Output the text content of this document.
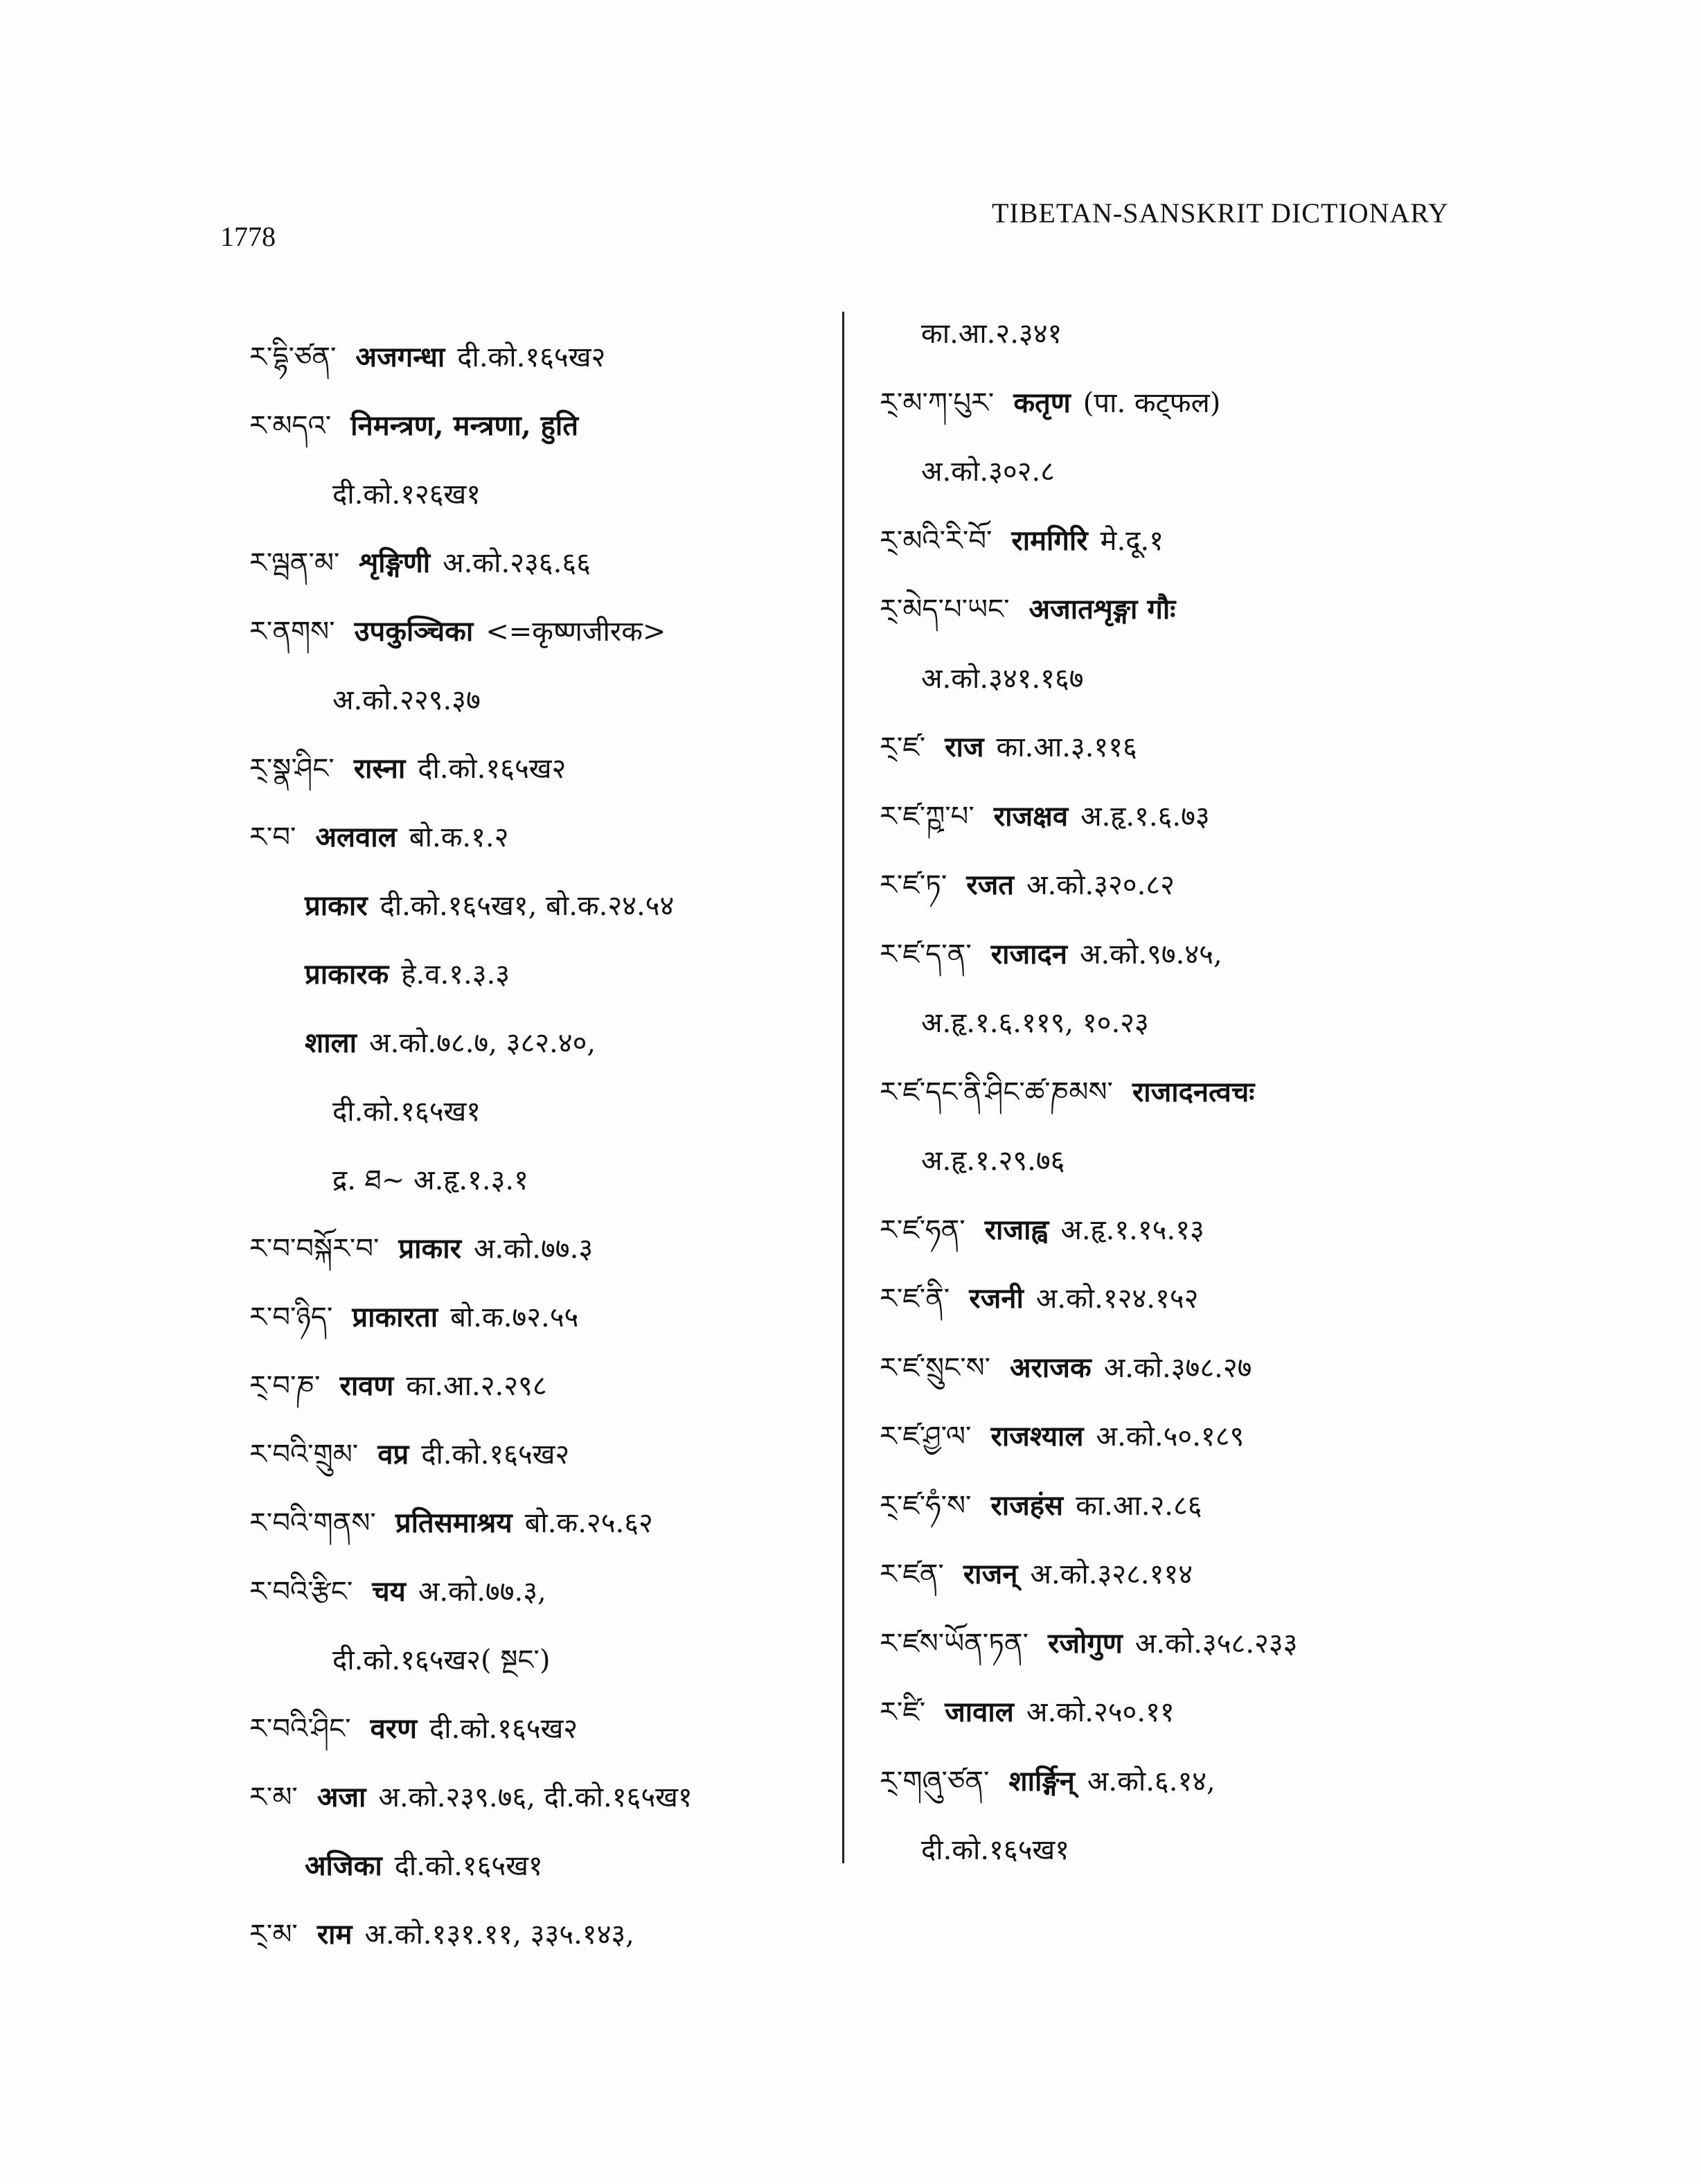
1778
TIBETAN-SANSKRIT DICTIONARY
ར་དྷི་ཙན་ अजगन्धा दी.को.१६५ख२
ར་མདའ་ निमन्त्रण, मन्त्रणा, हुति
दी.को.१२६ख१
ར་ལྦན་མ་ शृङ्गिणी अ.को.२३६.६६
ར་ནགས་ उपकुञ्चिका <=कृष्णजीरक>
अ.को.२२९.३७
ར྄་སྣ་ཤིང་ रास्ना दी.को.१६५ख२
ར་བ་ अलवाल बो.क.१.२
प्राकार दी.को.१६५ख१, बो.क.२४.५४
प्राकारक हे.व.१.३.३
शाला अ.को.७८.७, ३८२.४०,
दी.को.१६५ख१
द्र. ཐ~ अ.हृ.१.३.१
ར་བ་བསྐོར་བ་ प्राकार अ.को.७७.३
ར་བ་ཉིད་ प्राकारता बो.क.७२.५५
ར྄་བ་ཎ་ रावण का.आ.२.२९८
ར་བའི་གྲུམ་ वप्र दी.को.१६५ख२
ར་བའི་གནས་ प्रतिसमाश्रय बो.क.२५.६२
ར་བའི་རྩིང་ चय अ.को.७७.३,
दी.को.१६५ख२( སྔང་)
ར་བའི་ཤིང་ वरण दी.को.१६५ख२
ར་མ་ अजा अ.को.२३९.७६, दी.को.१६५ख१
अजिका दी.को.१६५ख१
ར྄་མ་ राम अ.को.१३१.११, ३३५.१४३,
का.आ.२.३४१
ར྄་མ་ཀ་པུར་ कतृण (पा. कट्फल)
अ.को.३०२.८
ར྄་མའི་རི་བོ་ रामगिरि मे.दू.१
ར྄་མེད་པ་ཡང་ अजातशृङ्गा गौः
अ.को.३४१.१६७
ར྄་ཛ་ राज का.आ.३.११६
ར་ཛ་ཀྵ་པ་ राजक्षव अ.हृ.१.६.७३
ར་ཛ་ཏ་ रजत अ.को.३२०.८२
ར་ཛ་ད་ན་ राजादन अ.को.९७.४५,
अ.हृ.१.६.११९, १०.२३
ར་ཛ་དང་ནི་ཤིང་ཚ་ཎམས་ राजादनत्वचः
अ.हृ.१.२९.७६
ར་ཛ་ཧན་ राजाह्व अ.हृ.१.१५.१३
ར་ཛ་ནི་ रजनी अ.को.१२४.१५२
ར་ཛ་སྲུང་ས་ अराजक अ.को.३७८.२७
ར་ཛ་ཤྱ་ལ་ राजश्याल अ.को.५०.१८९
ར྄་ཛ་ཧཾ་ས་ राजहंस का.आ.२.८६
ར་ཛན་ राजन् अ.को.३२८.११४
ར་ཛས་ཡོན་ཏན་ रजोगुण अ.को.३५८.२३३
ར་ཛི་ जावाल अ.को.२५०.११
ར྄་གཞུ་ཙན་ शार्ङ्गिन् अ.को.६.१४,
दी.को.१६५ख१
